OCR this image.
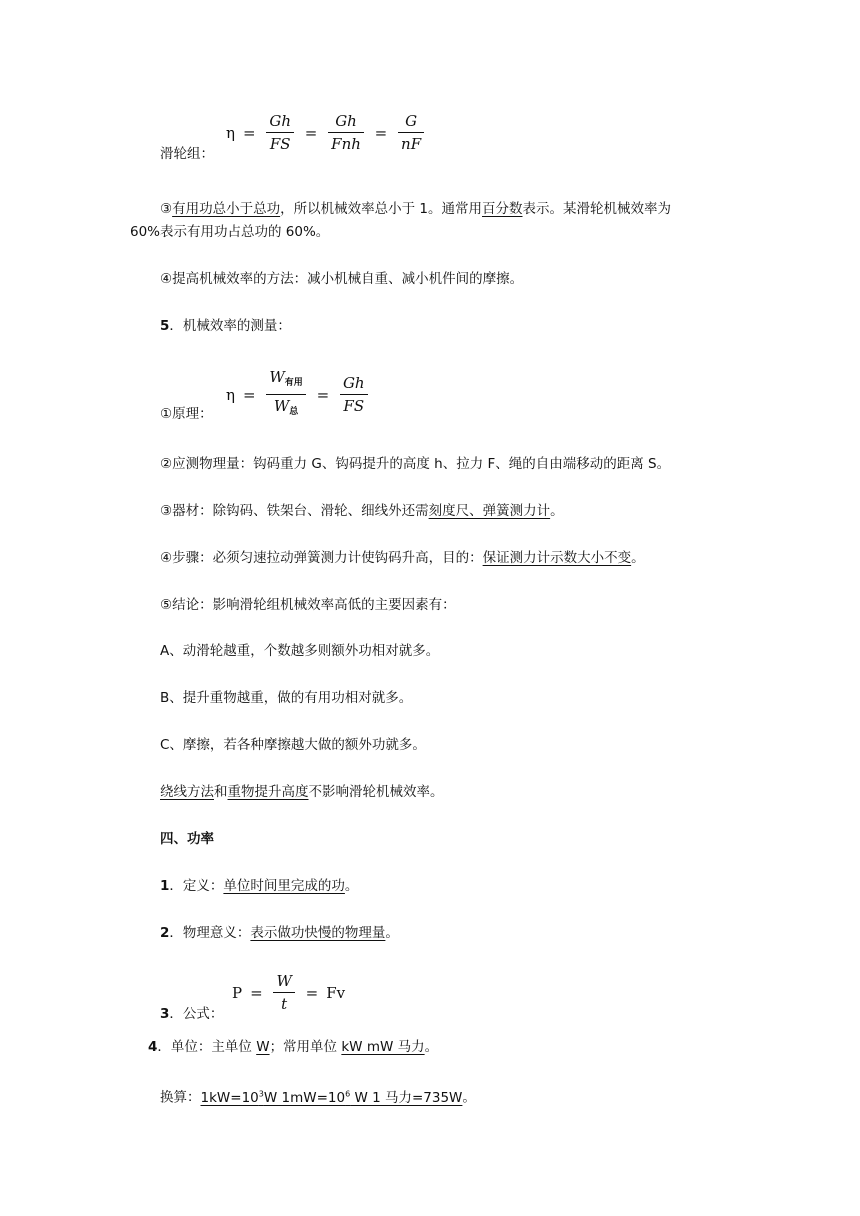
滑轮组：
$\eta = \frac{Gh}{FS} = \frac{Gh}{\text{Fnh}} = \frac{G}{nF}$
③有用功总小于总功，所以机械效率总小于 1。通常用百分数表示。某滑轮机械效率为
60%表示有用功占总功的 60%。
④提高机械效率的方法：减小机械自重、减小机件间的摩擦。
5．机械效率的测量：
①原理：
$\eta = \frac{W_{有用}}{W_总} = \frac{Gh}{FS}$
②应测物理量：钩码重力 G、钩码提升的高度 h、拉力 F、绳的自由端移动的距离 S。
③器材：除钩码、铁架台、滑轮、细线外还需刻度尺、弹簧测力计。
④步骤：必须匀速拉动弹簧测力计使钩码升高，目的：保证测力计示数大小不变。
⑤结论：影响滑轮组机械效率高低的主要因素有：
A、动滑轮越重，个数越多则额外功相对就多。
B、提升重物越重，做的有用功相对就多。
C、摩擦，若各种摩擦越大做的额外功就多。
绕线方法和重物提升高度不影响滑轮机械效率。
四、功率
1．定义：单位时间里完成的功。
2．物理意义：表示做功快慢的物理量。
3．公式：
$P = \frac{W}{t} = Fv$
4．单位：主单位 W；常用单位 kW mW 马力。
换算：$1kW=10^3W$ $1mW=10^6$ W 1 马力=735W。
